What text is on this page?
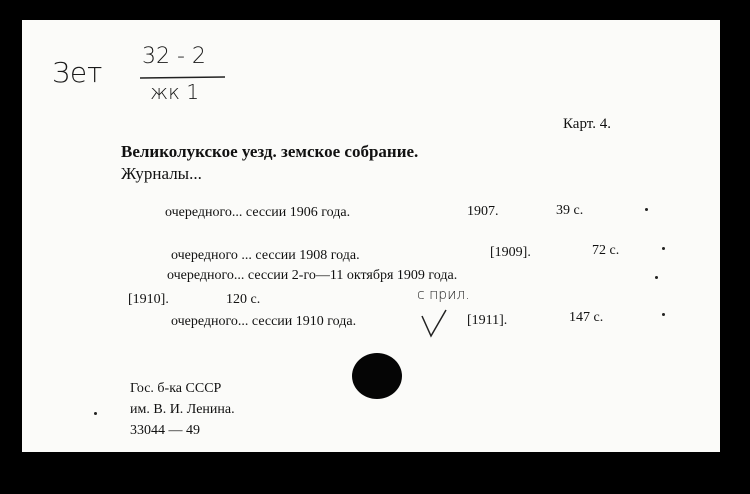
Зет 32 - 2
жк 1
Карт. 4.
Великолукское уезд. земское собрание.
Журналы...
очередного... сессии 1906 года.	1907.	39 с.
очередного ... сессии 1908 года.	[1909].	72 с.
очередного... сессии 2-го—11 октября 1909 года.
[1910].	120 с.	с прил.
очередного... сессии 1910 года.	[1911].	147 с.
Гос. б-ка СССР
им. В. И. Ленина.
33044 — 49
